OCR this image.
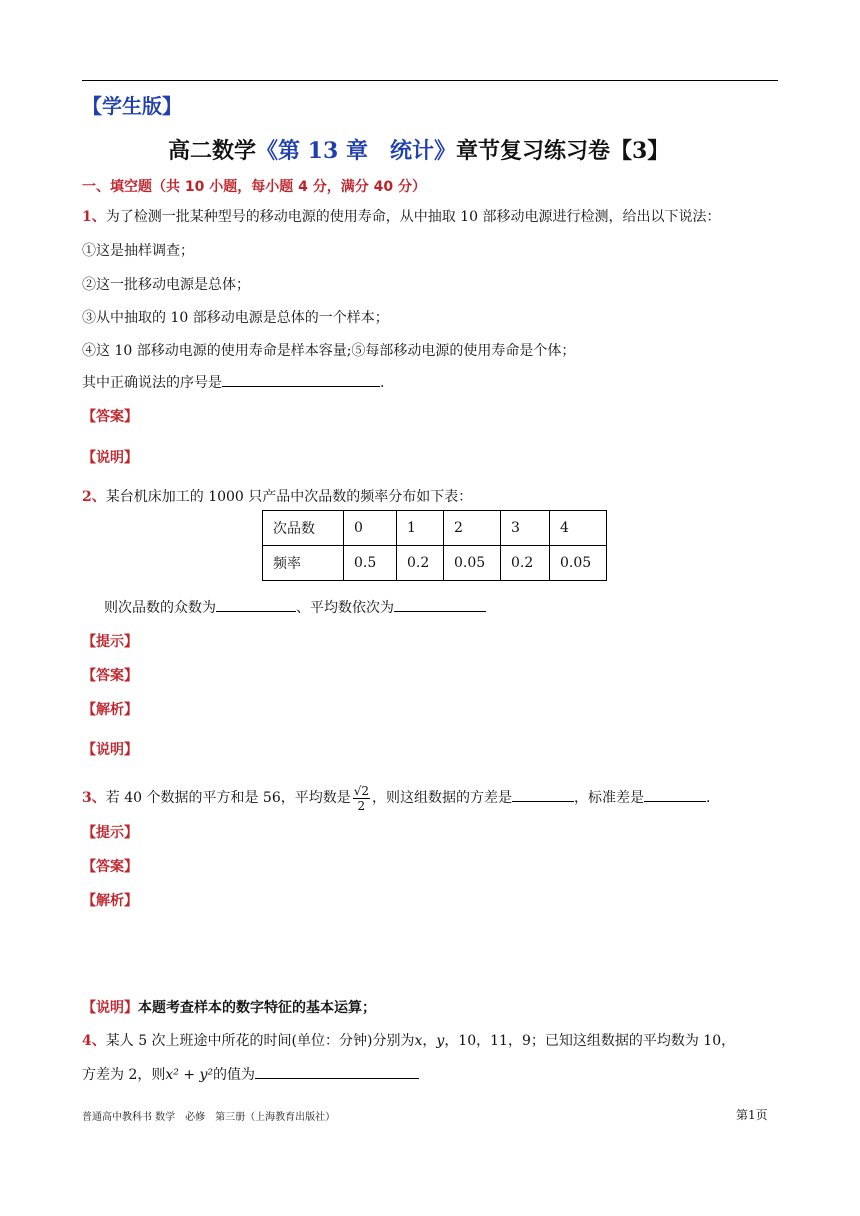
【学生版】
高二数学《第 13 章　统计》章节复习练习卷【3】
一、填空题（共 10 小题，每小题 4 分，满分 40 分）
1、为了检测一批某种型号的移动电源的使用寿命，从中抽取 10 部移动电源进行检测，给出以下说法：
①这是抽样调查；
②这一批移动电源是总体；
③从中抽取的 10 部移动电源是总体的一个样本；
④这 10 部移动电源的使用寿命是样本容量;⑤每部移动电源的使用寿命是个体；
其中正确说法的序号是	.
【答案】
【说明】
2、某台机床加工的 1000 只产品中次品数的频率分布如下表：
次品数	0	1	2	3	4
频率	0.5	0.2	0.05	0.2	0.05
则次品数的众数为	、平均数依次为
【提示】
【答案】
【解析】
【说明】
3、若 40 个数据的平方和是 56，平均数是 $\frac{√2}{2}$ ，则这组数据的方差是	，标准差是	.
【提示】
【答案】
【解析】
【说明】本题考查样本的数字特征的基本运算；
4、某人 5 次上班途中所花的时间(单位：分钟)分别为x，y，10，11，9；已知这组数据的平均数为 10，
方差为 2，则x² + y²的值为
普通高中教科书 数学　必修　第三册（上海教育出版社）	第1页
